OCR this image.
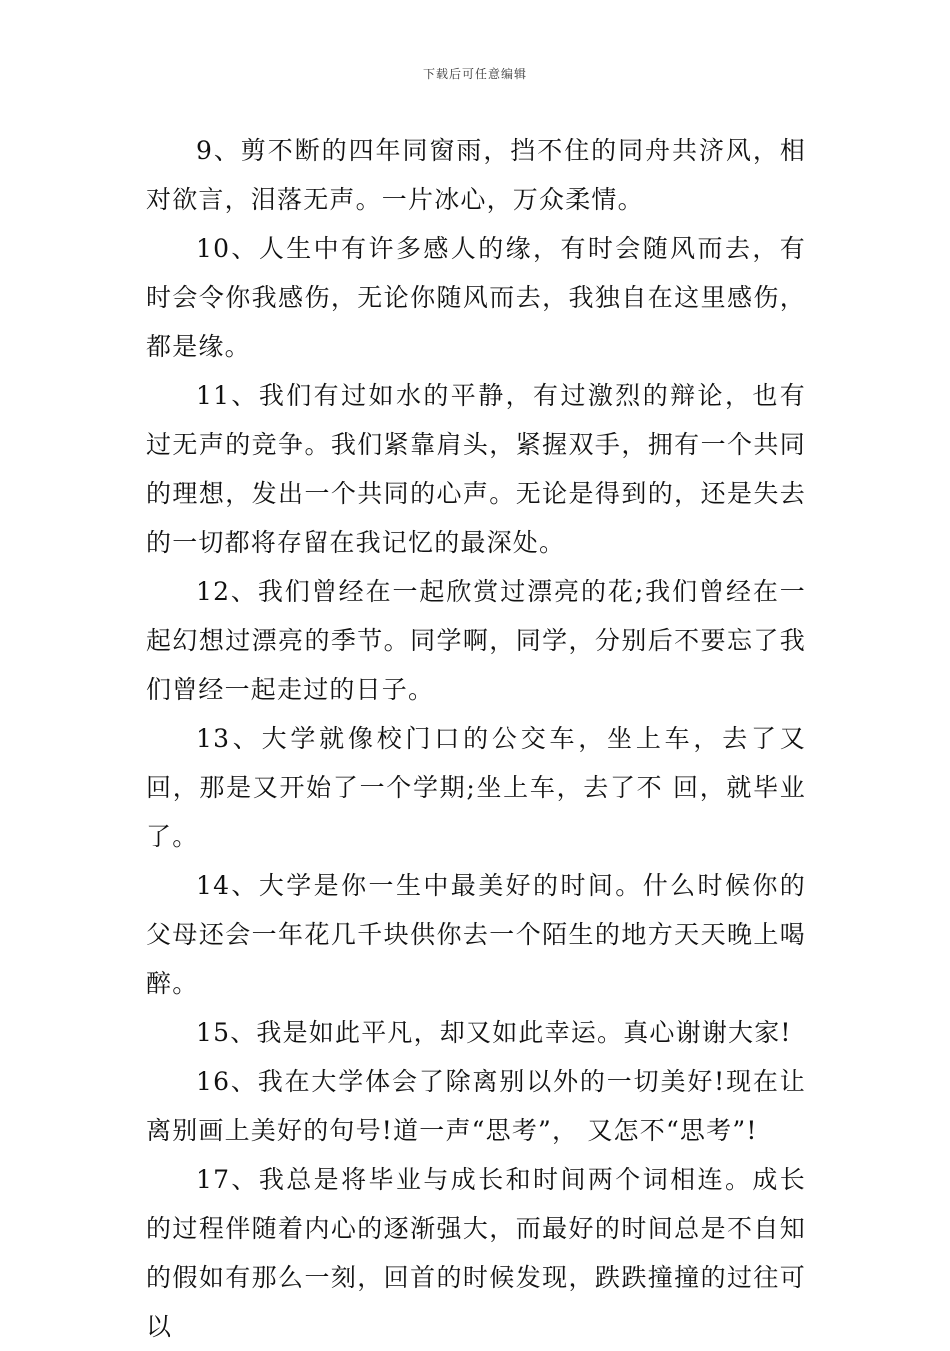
下载后可任意编辑

9、剪不断的四年同窗雨，挡不住的同舟共济风，相对欲言，泪落无声。一片冰心，万众柔情。

10、人生中有许多感人的缘，有时会随风而去，有时会令你我感伤，无论你随风而去，我独自在这里感伤，都是缘。

11、我们有过如水的平静，有过激烈的辩论，也有过无声的竞争。我们紧靠肩头，紧握双手，拥有一个共同的理想，发出一个共同的心声。无论是得到的，还是失去的一切都将存留在我记忆的最深处。

12、我们曾经在一起欣赏过漂亮的花;我们曾经在一起幻想过漂亮的季节。同学啊，同学，分别后不要忘了我们曾经一起走过的日子。

13、大学就像校门口的公交车，坐上车，去了又回，那是又开始了一个学期;坐上车，去了不 回，就毕业了。

14、大学是你一生中最美好的时间。什么时候你的父母还会一年花几千块供你去一个陌生的地方天天晚上喝醉。

15、我是如此平凡，却又如此幸运。真心谢谢大家!

16、我在大学体会了除离别以外的一切美好!现在让离别画上美好的句号!道一声“思考”， 又怎不“思考”!

17、我总是将毕业与成长和时间两个词相连。成长的过程伴随着内心的逐渐强大，而最好的时间总是不自知的假如有那么一刻，回首的时候发现，跌跌撞撞的过往可以
